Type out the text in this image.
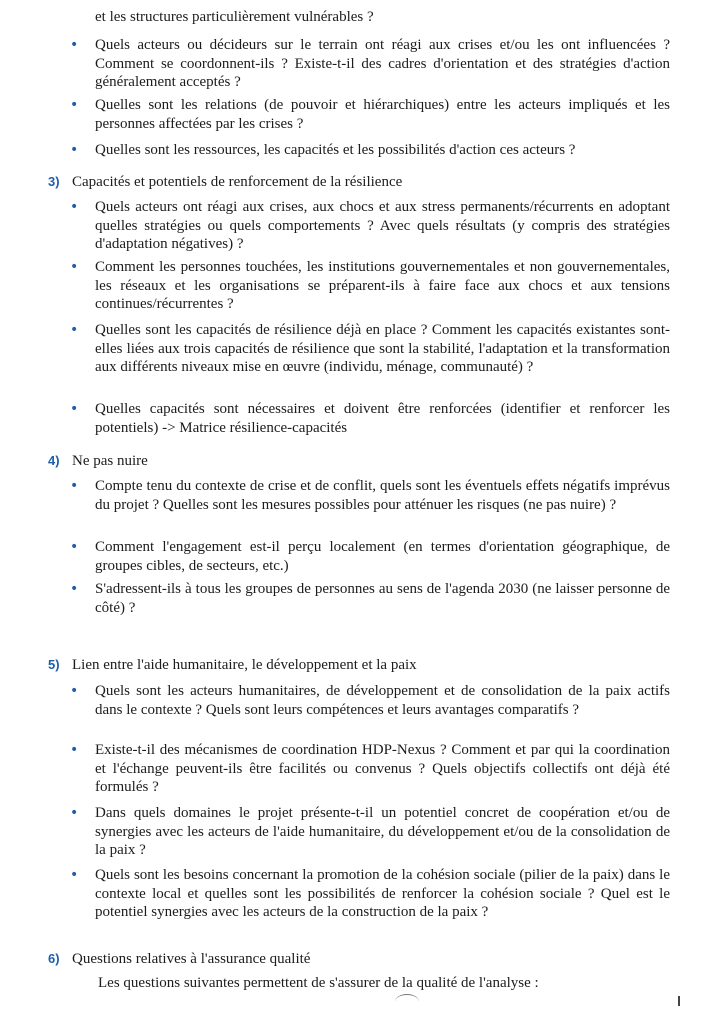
et les structures particulièrement vulnérables ?

• Quels acteurs ou décideurs sur le terrain ont réagi aux crises et/ou les ont influencées ? Comment se coordonnent-ils ? Existe-t-il des cadres d'orientation et des stratégies d'action généralement acceptés ?
• Quelles sont les relations (de pouvoir et hiérarchiques) entre les acteurs impliqués et les personnes affectées par les crises ?
• Quelles sont les ressources, les capacités et les possibilités d'action ces acteurs ?
3) Capacités et potentiels de renforcement de la résilience
• Quels acteurs ont réagi aux crises, aux chocs et aux stress permanents/récurrents en adoptant quelles stratégies ou quels comportements ? Avec quels résultats (y compris des stratégies d'adaptation négatives) ?
• Comment les personnes touchées, les institutions gouvernementales et non gouvernementales, les réseaux et les organisations se préparent-ils à faire face aux chocs et aux tensions continues/récurrentes ?
• Quelles sont les capacités de résilience déjà en place ? Comment les capacités existantes sont-elles liées aux trois capacités de résilience que sont la stabilité, l'adaptation et la transformation aux différents niveaux mise en œuvre (individu, ménage, communauté) ?
• Quelles capacités sont nécessaires et doivent être renforcées (identifier et renforcer les potentiels) -> Matrice résilience-capacités
4) Ne pas nuire
• Compte tenu du contexte de crise et de conflit, quels sont les éventuels effets négatifs imprévus du projet ? Quelles sont les mesures possibles pour atténuer les risques (ne pas nuire) ?
• Comment l'engagement est-il perçu localement (en termes d'orientation géographique, de groupes cibles, de secteurs, etc.)
• S'adressent-ils à tous les groupes de personnes au sens de l'agenda 2030 (ne laisser personne de côté) ?
5) Lien entre l'aide humanitaire, le développement et la paix
• Quels sont les acteurs humanitaires, de développement et de consolidation de la paix actifs dans le contexte ? Quels sont leurs compétences et leurs avantages comparatifs ?
• Existe-t-il des mécanismes de coordination HDP-Nexus ? Comment et par qui la coordination et l'échange peuvent-ils être facilités ou convenus ? Quels objectifs collectifs ont déjà été formulés ?
• Dans quels domaines le projet présente-t-il un potentiel concret de coopération et/ou de synergies avec les acteurs de l'aide humanitaire, du développement et/ou de la consolidation de la paix ?
• Quels sont les besoins concernant la promotion de la cohésion sociale (pilier de la paix) dans le contexte local et quelles sont les possibilités de renforcer la cohésion sociale ? Quel est le potentiel synergies avec les acteurs de la construction de la paix ?
6) Questions relatives à l'assurance qualité

Les questions suivantes permettent de s'assurer de la qualité de l'analyse :
